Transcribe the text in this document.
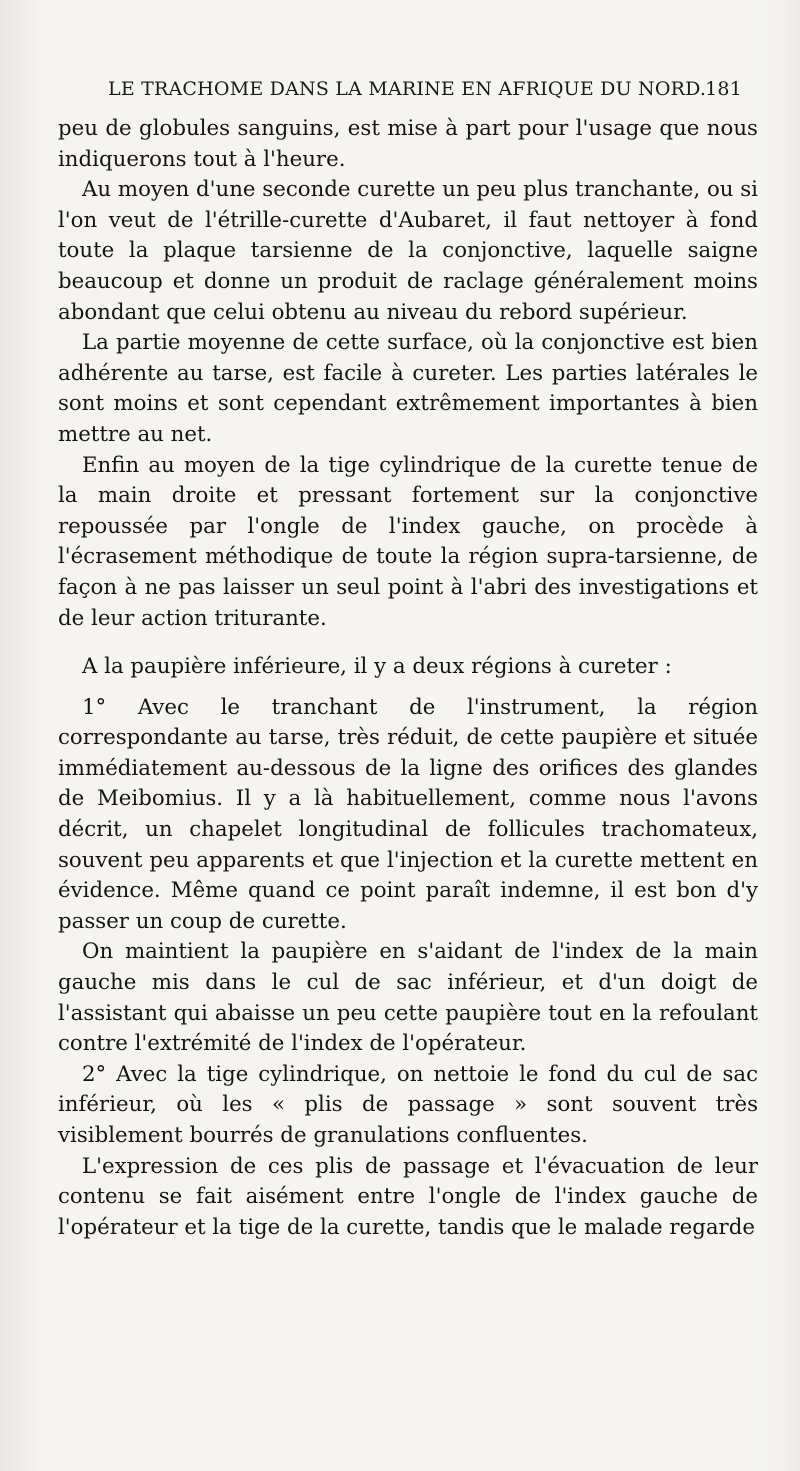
LE TRACHOME DANS LA MARINE EN AFRIQUE DU NORD.
181

peu de globules sanguins, est mise à part pour l'usage que nous indiquerons tout à l'heure.

Au moyen d'une seconde curette un peu plus tranchante, ou si l'on veut de l'étrille-curette d'Aubaret, il faut nettoyer à fond toute la plaque tarsienne de la conjonctive, laquelle saigne beaucoup et donne un produit de raclage généralement moins abondant que celui obtenu au niveau du rebord supérieur.

La partie moyenne de cette surface, où la conjonctive est bien adhérente au tarse, est facile à cureter. Les parties latérales le sont moins et sont cependant extrêmement importantes à bien mettre au net.

Enfin au moyen de la tige cylindrique de la curette tenue de la main droite et pressant fortement sur la conjonctive repoussée par l'ongle de l'index gauche, on procède à l'écrasement méthodique de toute la région supra-tarsienne, de façon à ne pas laisser un seul point à l'abri des investigations et de leur action triturante.

A la paupière inférieure, il y a deux régions à cureter :

1° Avec le tranchant de l'instrument, la région correspondante au tarse, très réduit, de cette paupière et située immédiatement au-dessous de la ligne des orifices des glandes de Meibomius. Il y a là habituellement, comme nous l'avons décrit, un chapelet longitudinal de follicules trachomateux, souvent peu apparents et que l'injection et la curette mettent en évidence. Même quand ce point paraît indemne, il est bon d'y passer un coup de curette.

On maintient la paupière en s'aidant de l'index de la main gauche mis dans le cul de sac inférieur, et d'un doigt de l'assistant qui abaisse un peu cette paupière tout en la refoulant contre l'extrémité de l'index de l'opérateur.

2° Avec la tige cylindrique, on nettoie le fond du cul de sac inférieur, où les « plis de passage » sont souvent très visiblement bourrés de granulations confluentes.

L'expression de ces plis de passage et l'évacuation de leur contenu se fait aisément entre l'ongle de l'index gauche de l'opérateur et la tige de la curette, tandis que le malade regarde
